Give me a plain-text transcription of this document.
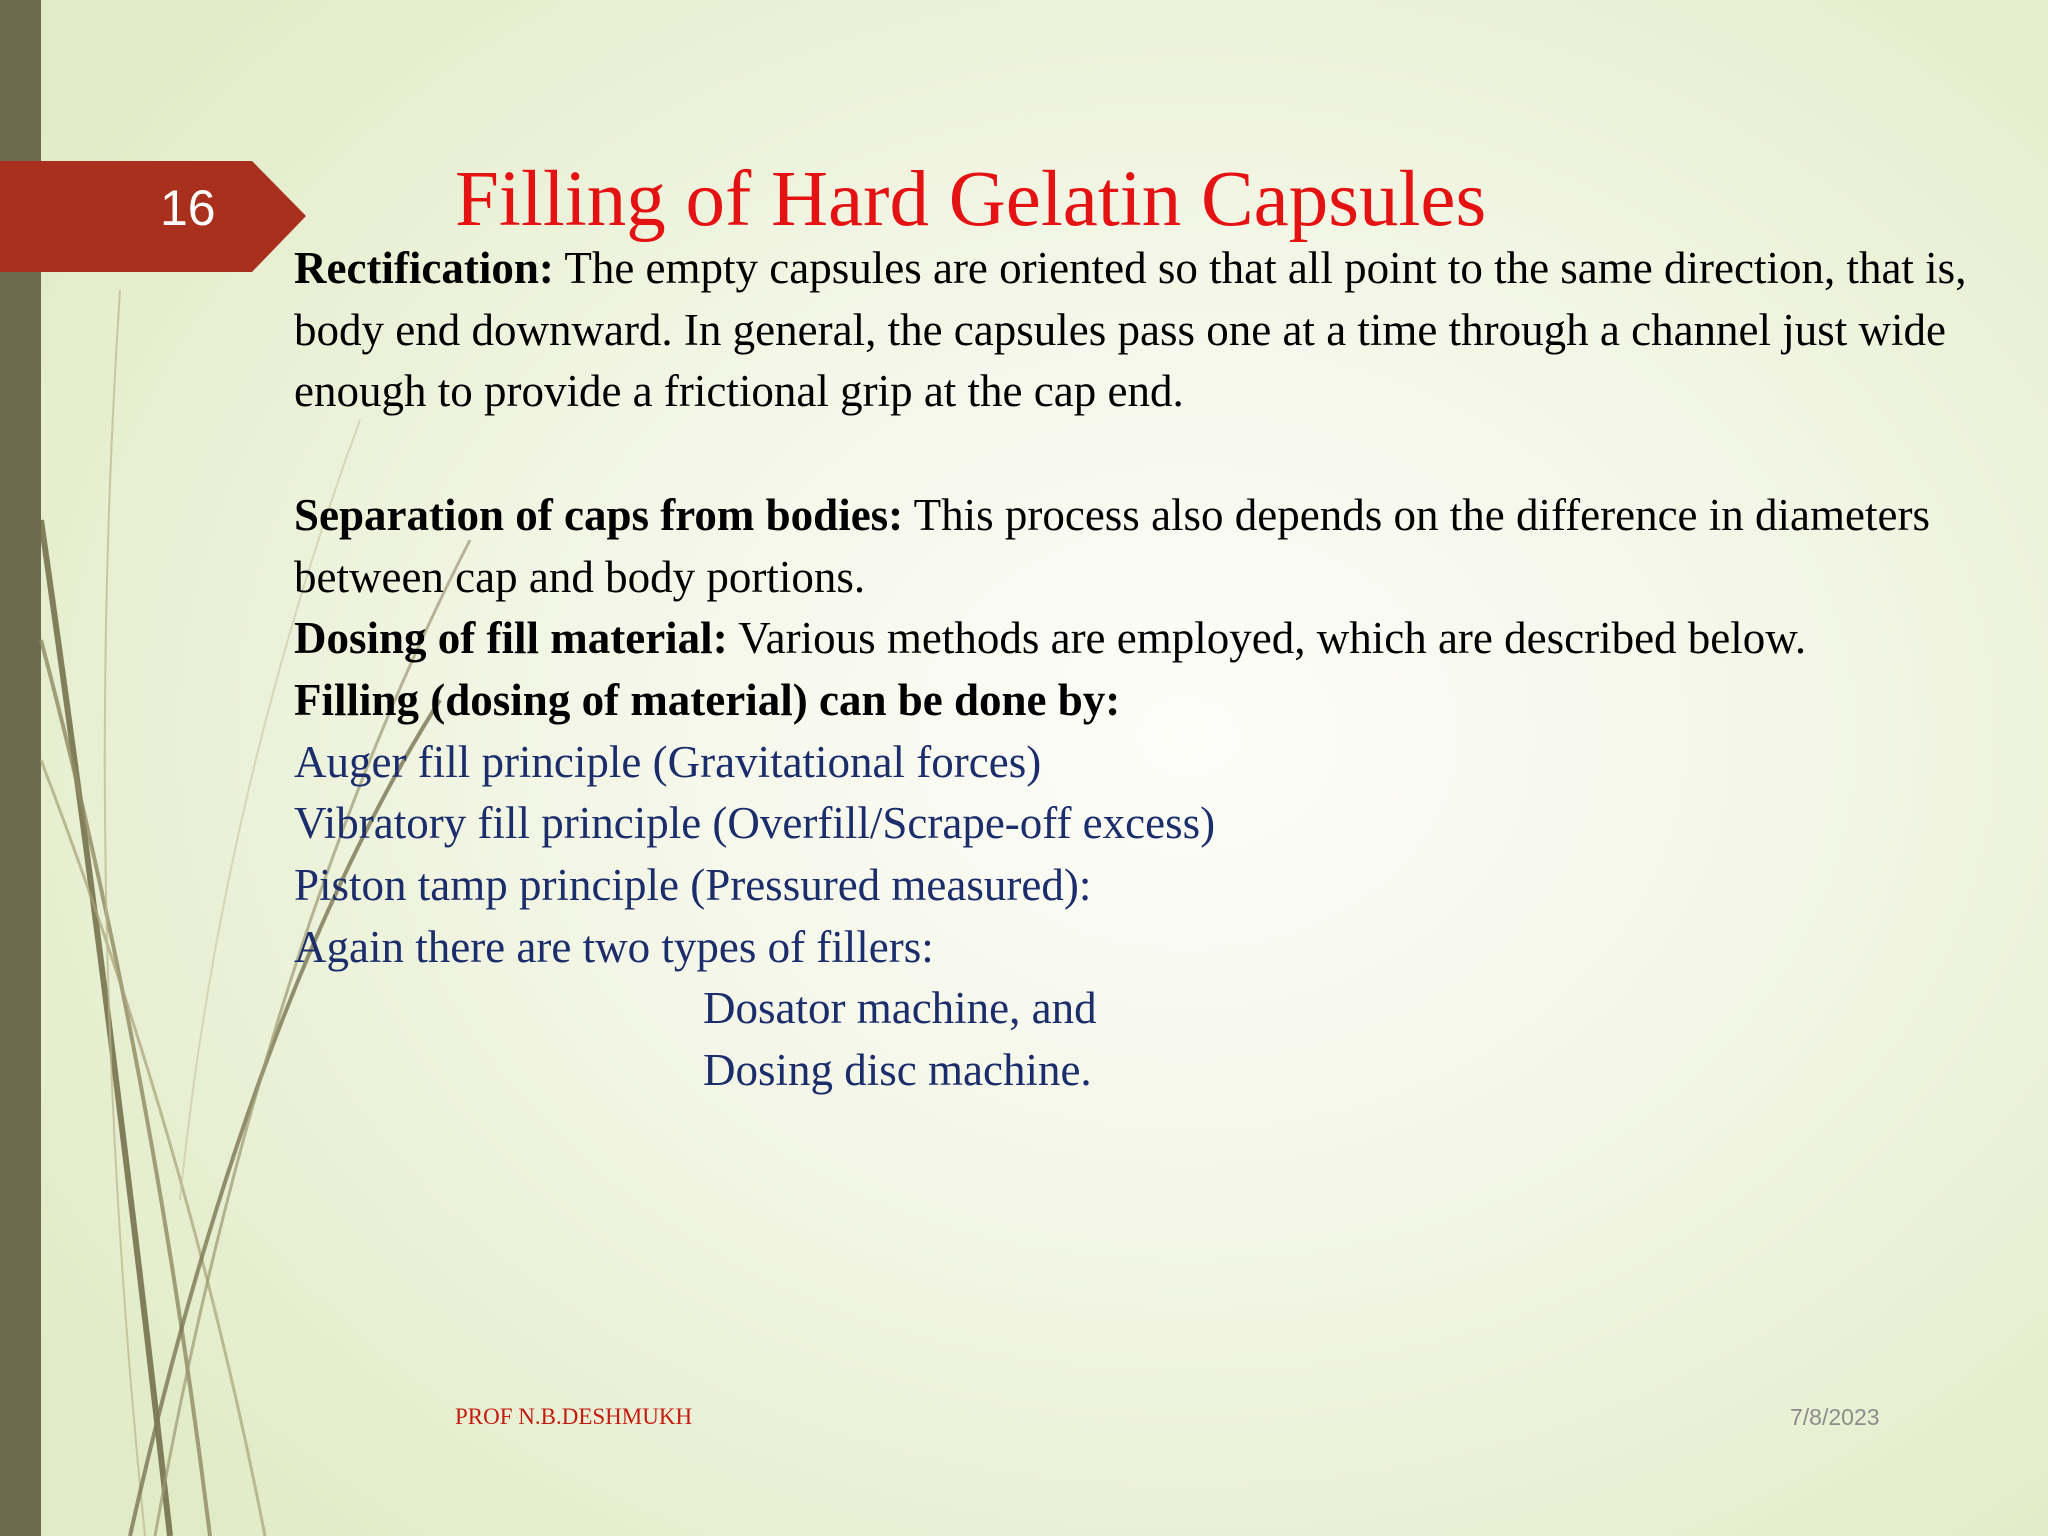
16	Filling of Hard Gelatin Capsules

Rectification: The empty capsules are oriented so that all point to the same direction, that is, body end downward. In general, the capsules pass one at a time through a channel just wide enough to provide a frictional grip at the cap end.

Separation of caps from bodies: This process also depends on the difference in diameters between cap and body portions.

Dosing of fill material: Various methods are employed, which are described below.

Filling (dosing of material) can be done by:

Auger fill principle (Gravitational forces)

Vibratory fill principle (Overfill/Scrape-off excess)

Piston tamp principle (Pressured measured):

Again there are two types of fillers:

Dosator machine, and

Dosing disc machine.

PROF N.B.DESHMUKH	7/8/2023
